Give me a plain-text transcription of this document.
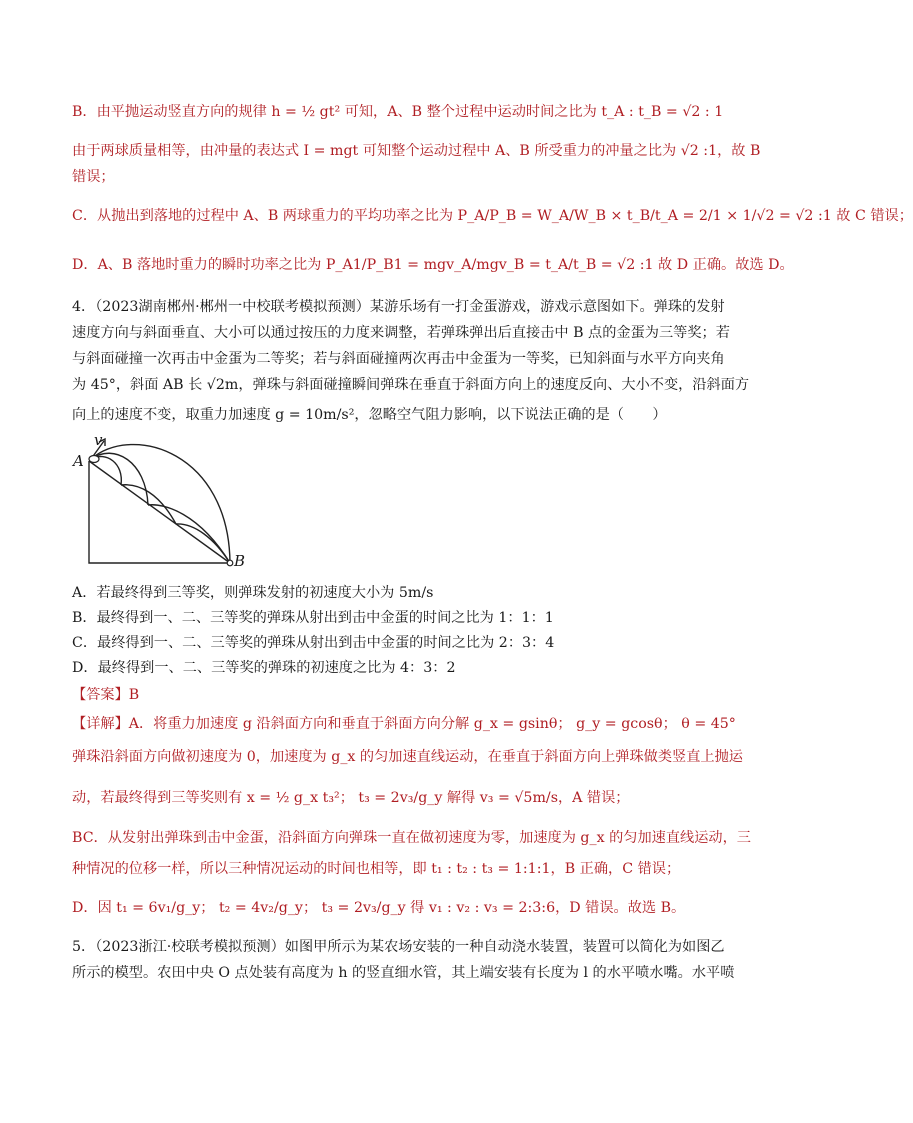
B．由平抛运动竖直方向的规律 h = ½ gt² 可知，A、B 整个过程中运动时间之比为 t_A : t_B = √2 : 1
由于两球质量相等，由冲量的表达式 I = mgt 可知整个运动过程中 A、B 所受重力的冲量之比为 √2 :1，故 B
错误；
C．从抛出到落地的过程中 A、B 两球重力的平均功率之比为 P_A/P_B = W_A/W_B × t_B/t_A = 2/1 × 1/√2 = √2 :1 故 C 错误；
D．A、B 落地时重力的瞬时功率之比为 P_A1/P_B1 = mgv_A/mgv_B = t_A/t_B = √2 :1 故 D 正确。故选 D。
4．（2023湖南郴州·郴州一中校联考模拟预测）某游乐场有一打金蛋游戏，游戏示意图如下。弹珠的发射
速度方向与斜面垂直、大小可以通过按压的力度来调整，若弹珠弹出后直接击中 B 点的金蛋为三等奖；若
与斜面碰撞一次再击中金蛋为二等奖；若与斜面碰撞两次再击中金蛋为一等奖，已知斜面与水平方向夹角
为 45°，斜面 AB 长 √2m，弹珠与斜面碰撞瞬间弹珠在垂直于斜面方向上的速度反向、大小不变，沿斜面方
向上的速度不变，取重力加速度 g = 10m/s²，忽略空气阻力影响，以下说法正确的是（　　）
v
A
B
A．若最终得到三等奖，则弹珠发射的初速度大小为 5m/s
B．最终得到一、二、三等奖的弹珠从射出到击中金蛋的时间之比为 1：1：1
C．最终得到一、二、三等奖的弹珠从射出到击中金蛋的时间之比为 2：3：4
D．最终得到一、二、三等奖的弹珠的初速度之比为 4：3：2
【答案】B
【详解】A．将重力加速度 g 沿斜面方向和垂直于斜面方向分解 g_x = gsinθ； g_y = gcosθ； θ = 45°
弹珠沿斜面方向做初速度为 0，加速度为 g_x 的匀加速直线运动，在垂直于斜面方向上弹珠做类竖直上抛运
动，若最终得到三等奖则有 x = ½ g_x t₃²； t₃ = 2v₃/g_y 解得 v₃ = √5m/s，A 错误；
BC．从发射出弹珠到击中金蛋，沿斜面方向弹珠一直在做初速度为零，加速度为 g_x 的匀加速直线运动，三
种情况的位移一样，所以三种情况运动的时间也相等，即 t₁ : t₂ : t₃ = 1:1:1，B 正确，C 错误；
D．因 t₁ = 6v₁/g_y； t₂ = 4v₂/g_y； t₃ = 2v₃/g_y 得 v₁ : v₂ : v₃ = 2:3:6，D 错误。故选 B。
5．（2023浙江·校联考模拟预测）如图甲所示为某农场安装的一种自动浇水装置，装置可以简化为如图乙
所示的模型。农田中央 O 点处装有高度为 h 的竖直细水管，其上端安装有长度为 l 的水平喷水嘴。水平喷
